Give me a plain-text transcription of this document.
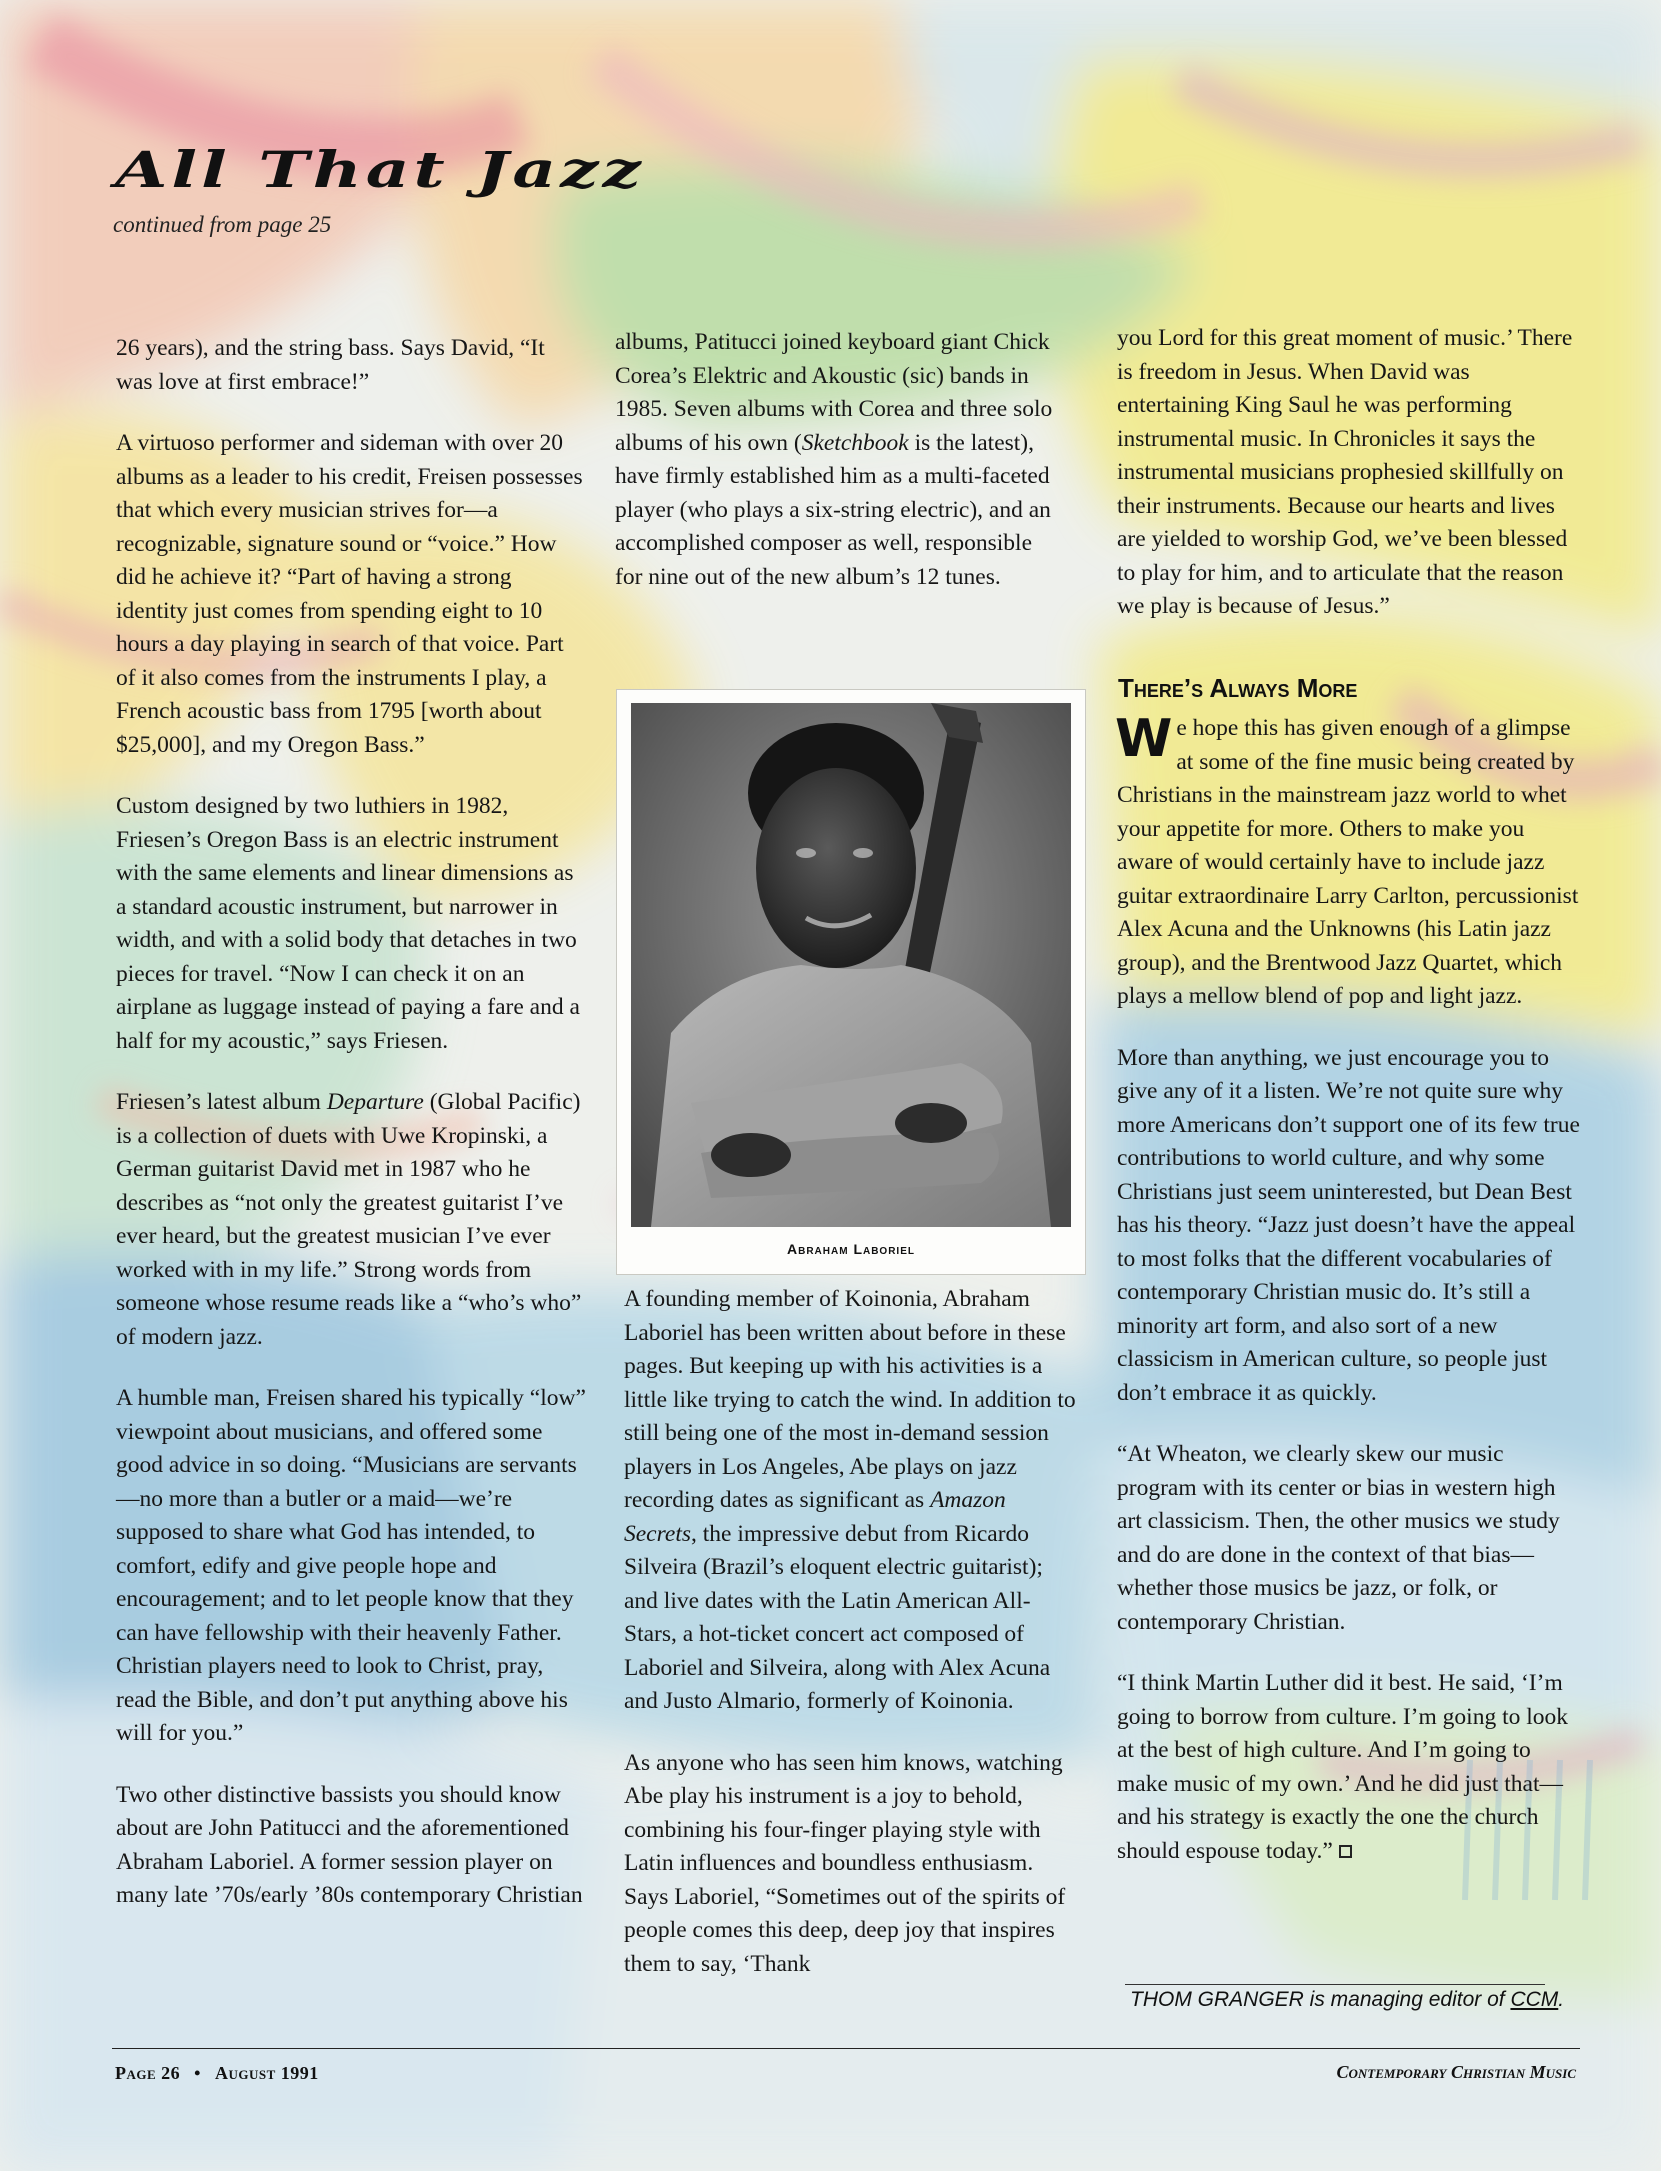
All That Jazz
continued from page 25

26 years), and the string bass. Says David, “It was love at first embrace!”

A virtuoso performer and sideman with over 20 albums as a leader to his credit, Freisen possesses that which every musician strives for—a recognizable, signature sound or “voice.” How did he achieve it? “Part of having a strong identity just comes from spending eight to 10 hours a day playing in search of that voice. Part of it also comes from the instruments I play, a French acoustic bass from 1795 [worth about $25,000], and my Oregon Bass.”

Custom designed by two luthiers in 1982, Friesen’s Oregon Bass is an electric instrument with the same elements and linear dimensions as a standard acoustic instrument, but narrower in width, and with a solid body that detaches in two pieces for travel. “Now I can check it on an airplane as luggage instead of paying a fare and a half for my acoustic,” says Friesen.

Friesen’s latest album Departure (Global Pacific) is a collection of duets with Uwe Kropinski, a German guitarist David met in 1987 who he describes as “not only the greatest guitarist I’ve ever heard, but the greatest musician I’ve ever worked with in my life.” Strong words from someone whose resume reads like a “who’s who” of modern jazz.

A humble man, Freisen shared his typically “low” viewpoint about musicians, and offered some good advice in so doing. “Musicians are servants—no more than a butler or a maid—we’re supposed to share what God has intended, to comfort, edify and give people hope and encouragement; and to let people know that they can have fellowship with their heavenly Father. Christian players need to look to Christ, pray, read the Bible, and don’t put anything above his will for you.”

Two other distinctive bassists you should know about are John Patitucci and the aforementioned Abraham Laboriel. A former session player on many late ’70s/early ’80s contemporary Christian

albums, Patitucci joined keyboard giant Chick Corea’s Elektric and Akoustic (sic) bands in 1985. Seven albums with Corea and three solo albums of his own (Sketchbook is the latest), have firmly established him as a multi-faceted player (who plays a six-string electric), and an accomplished composer as well, responsible for nine out of the new album’s 12 tunes.

Abraham Laboriel

A founding member of Koinonia, Abraham Laboriel has been written about before in these pages. But keeping up with his activities is a little like trying to catch the wind. In addition to still being one of the most in-demand session players in Los Angeles, Abe plays on jazz recording dates as significant as Amazon Secrets, the impressive debut from Ricardo Silveira (Brazil’s eloquent electric guitarist); and live dates with the Latin American All-Stars, a hot-ticket concert act composed of Laboriel and Silveira, along with Alex Acuna and Justo Almario, formerly of Koinonia.

As anyone who has seen him knows, watching Abe play his instrument is a joy to behold, combining his four-finger playing style with Latin influences and boundless enthusiasm. Says Laboriel, “Sometimes out of the spirits of people comes this deep, deep joy that inspires them to say, ‘Thank

you Lord for this great moment of music.’ There is freedom in Jesus. When David was entertaining King Saul he was performing instrumental music. In Chronicles it says the instrumental musicians prophesied skillfully on their instruments. Because our hearts and lives are yielded to worship God, we’ve been blessed to play for him, and to articulate that the reason we play is because of Jesus.”

There’s Always More

We hope this has given enough of a glimpse at some of the fine music being created by Christians in the mainstream jazz world to whet your appetite for more. Others to make you aware of would certainly have to include jazz guitar extraordinaire Larry Carlton, percussionist Alex Acuna and the Unknowns (his Latin jazz group), and the Brentwood Jazz Quartet, which plays a mellow blend of pop and light jazz.

More than anything, we just encourage you to give any of it a listen. We’re not quite sure why more Americans don’t support one of its few true contributions to world culture, and why some Christians just seem uninterested, but Dean Best has his theory. “Jazz just doesn’t have the appeal to most folks that the different vocabularies of contemporary Christian music do. It’s still a minority art form, and also sort of a new classicism in American culture, so people just don’t embrace it as quickly.

“At Wheaton, we clearly skew our music program with its center or bias in western high art classicism. Then, the other musics we study and do are done in the context of that bias—whether those musics be jazz, or folk, or contemporary Christian.

“I think Martin Luther did it best. He said, ‘I’m going to borrow from culture. I’m going to look at the best of high culture. And I’m going to make music of my own.’ And he did just that—and his strategy is exactly the one the church should espouse today.”

THOM GRANGER is managing editor of CCM.
Page 26 • August 1991	Contemporary Christian Music
